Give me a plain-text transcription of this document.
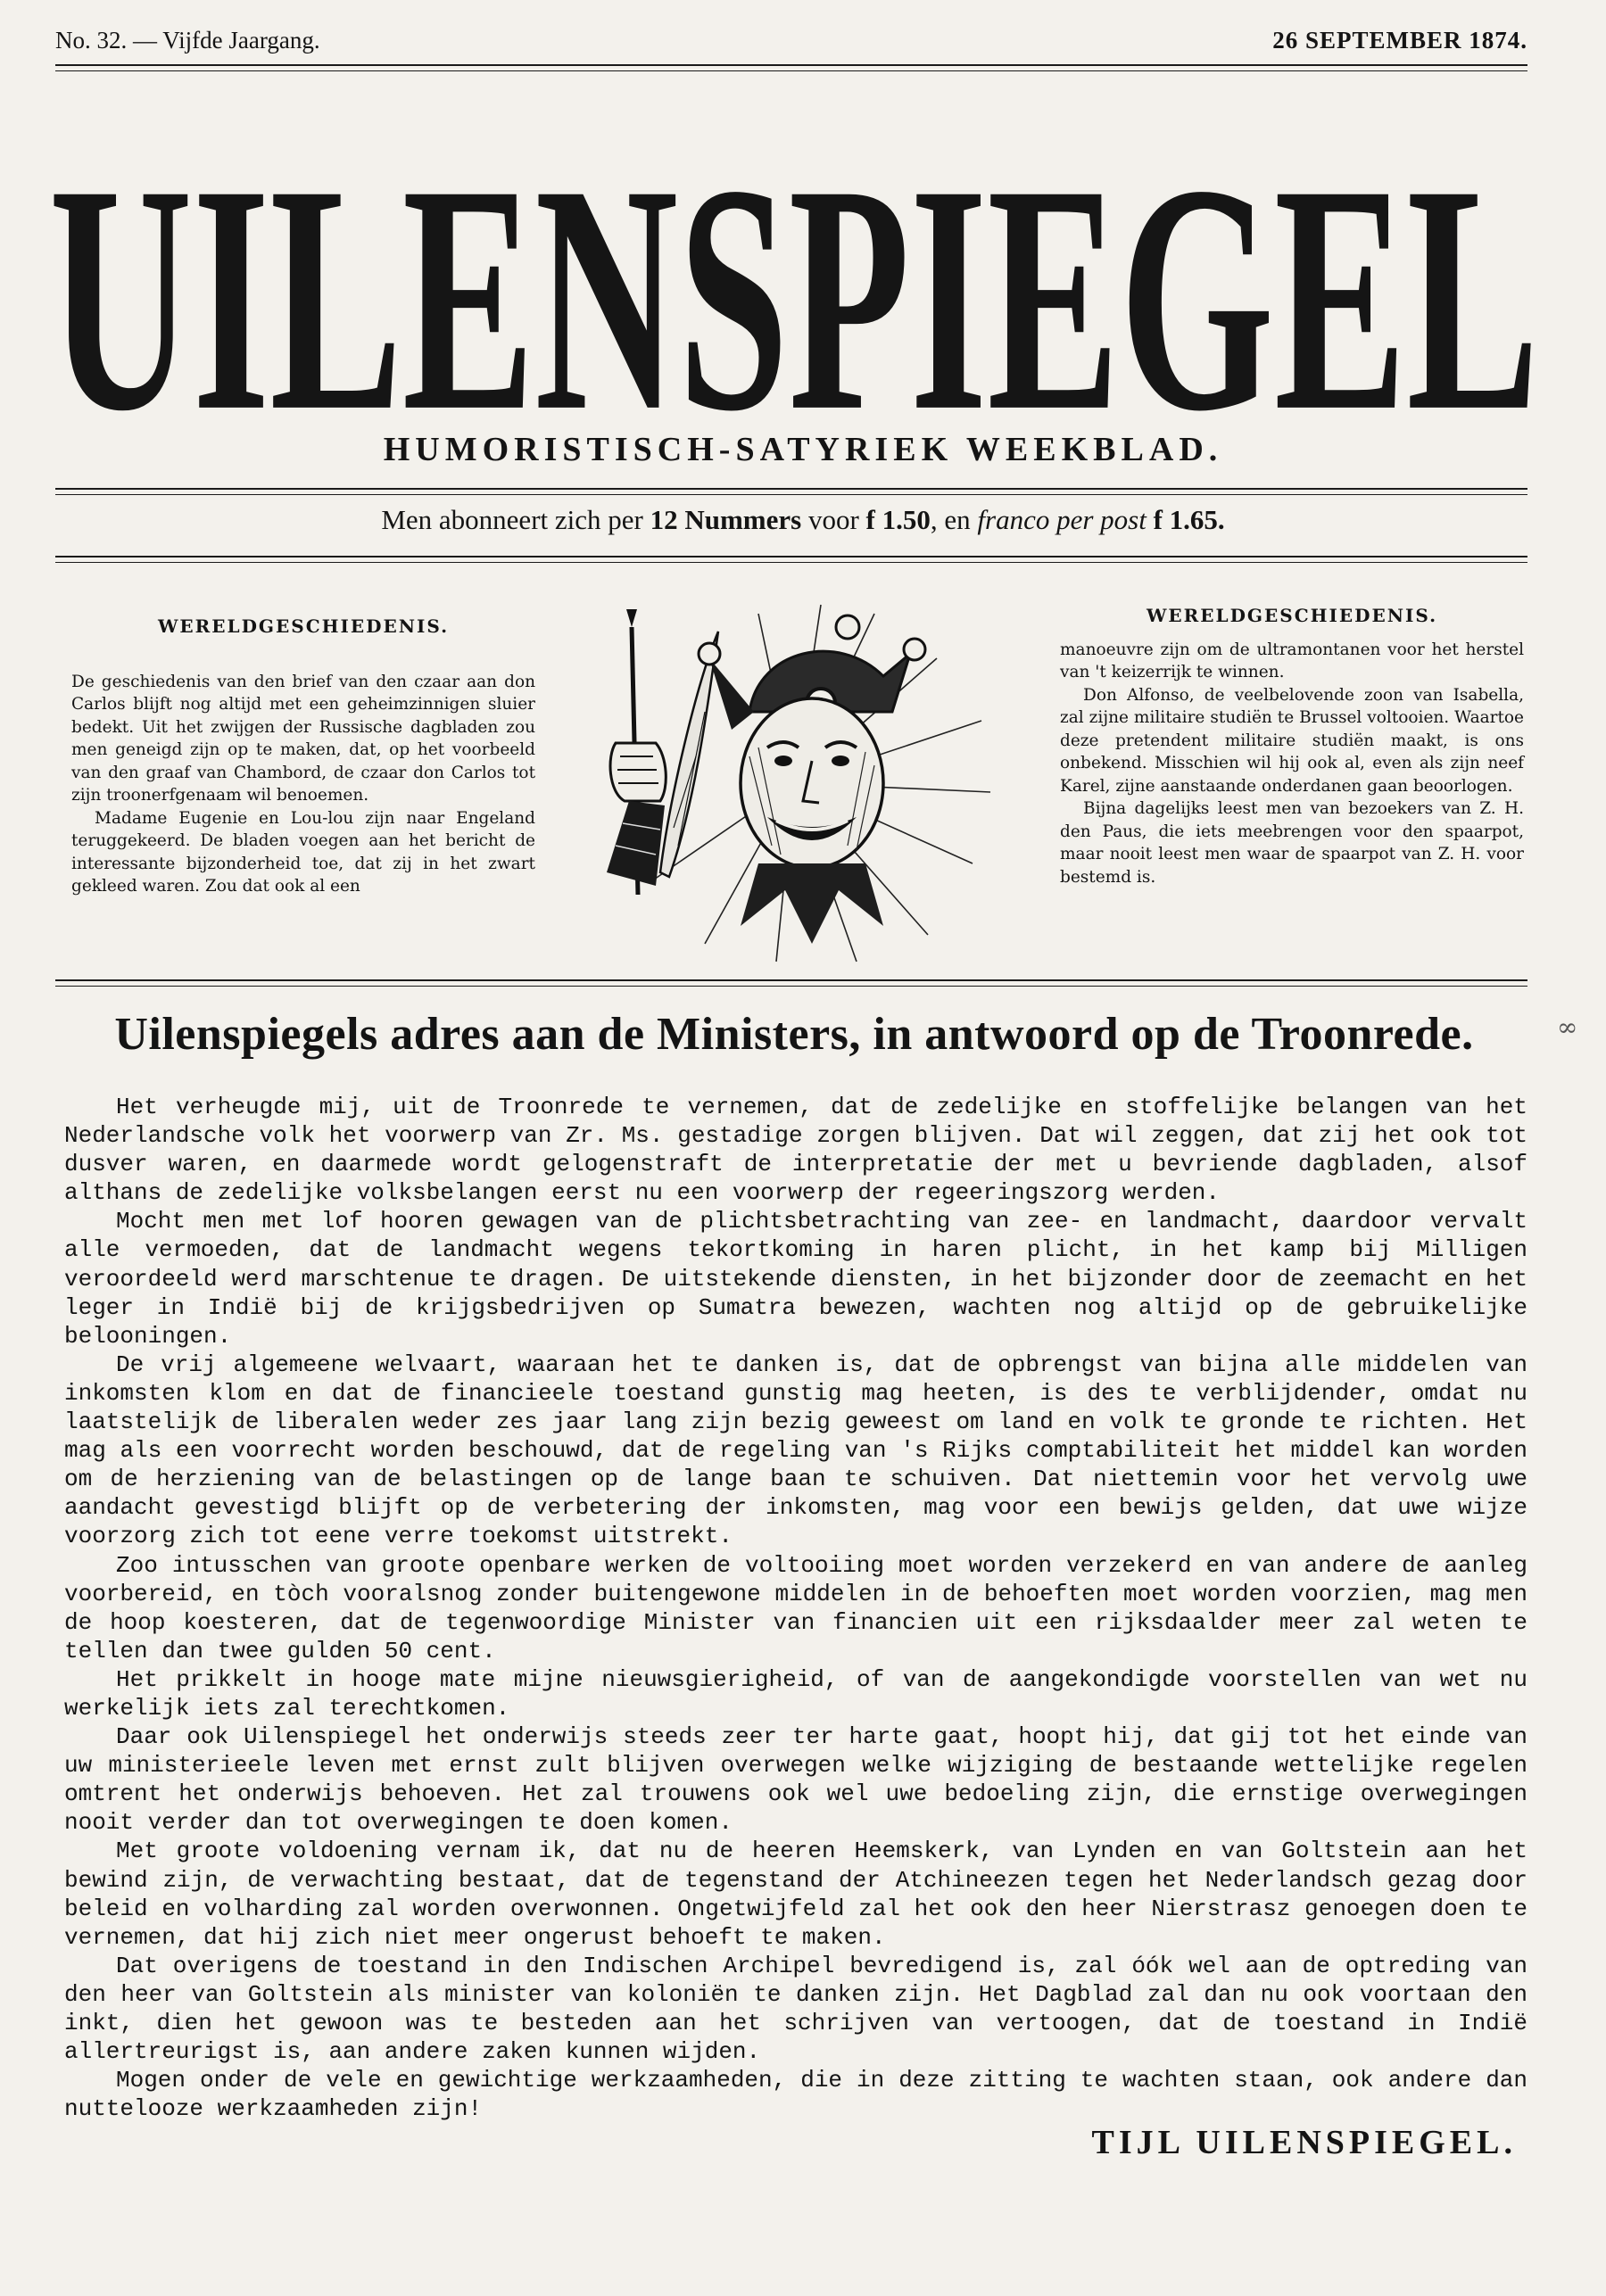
No. 32. — Vijfde Jaargang.	26 SEPTEMBER 1874.
UILENSPIEGEL
HUMORISTISCH-SATYRIEK WEEKBLAD.
Men abonneert zich per 12 Nummers voor f 1.50, en franco per post f 1.65.
WERELDGESCHIEDENIS.

De geschiedenis van den brief van den czaar aan don Carlos blijft nog altijd met een geheimzinnigen sluier bedekt. Uit het zwijgen der Russische dagbladen zou men geneigd zijn op te maken, dat, op het voorbeeld van den graaf van Chambord, de czaar don Carlos tot zijn troonerfgenaam wil benoemen.

Madame Eugenie en Lou-lou zijn naar Engeland teruggekeerd. De bladen voegen aan het bericht de interessante bijzonderheid toe, dat zij in het zwart gekleed waren. Zou dat ook al een

WERELDGESCHIEDENIS.

manoeuvre zijn om de ultramontanen voor het herstel van 't keizerrijk te winnen.

Don Alfonso, de veelbelovende zoon van Isabella, zal zijne militaire studiën te Brussel voltooien. Waartoe deze pretendent militaire studiën maakt, is ons onbekend. Misschien wil hij ook al, even als zijn neef Karel, zijne aanstaande onderdanen gaan beoorlogen.

Bijna dagelijks leest men van bezoekers van Z. H. den Paus, die iets meebrengen voor den spaarpot, maar nooit leest men waar de spaarpot van Z. H. voor bestemd is.

Uilenspiegels adres aan de Ministers, in antwoord op de Troonrede.	∞

Het verheugde mij, uit de Troonrede te vernemen, dat de zedelijke en stoffelijke belangen van het Nederlandsche volk het voorwerp van Zr. Ms. gestadige zorgen blijven. Dat wil zeggen, dat zij het ook tot dusver waren, en daarmede wordt gelogenstraft de interpretatie der met u bevriende dagbladen, alsof althans de zedelijke volksbelangen eerst nu een voorwerp der regeeringszorg werden.

Mocht men met lof hooren gewagen van de plichtsbetrachting van zee- en landmacht, daardoor vervalt alle vermoeden, dat de landmacht wegens tekortkoming in haren plicht, in het kamp bij Milligen veroordeeld werd marschtenue te dragen. De uitstekende diensten, in het bijzonder door de zeemacht en het leger in Indië bij de krijgsbedrijven op Sumatra bewezen, wachten nog altijd op de gebruikelijke belooningen.

De vrij algemeene welvaart, waaraan het te danken is, dat de opbrengst van bijna alle middelen van inkomsten klom en dat de financieele toestand gunstig mag heeten, is des te verblijdender, omdat nu laatstelijk de liberalen weder zes jaar lang zijn bezig geweest om land en volk te gronde te richten. Het mag als een voorrecht worden beschouwd, dat de regeling van 's Rijks comptabiliteit het middel kan worden om de herziening van de belastingen op de lange baan te schuiven. Dat niettemin voor het vervolg uwe aandacht gevestigd blijft op de verbetering der inkomsten, mag voor een bewijs gelden, dat uwe wijze voorzorg zich tot eene verre toekomst uitstrekt.

Zoo intusschen van groote openbare werken de voltooiing moet worden verzekerd en van andere de aanleg voorbereid, en tòch vooralsnog zonder buitengewone middelen in de behoeften moet worden voorzien, mag men de hoop koesteren, dat de tegenwoordige Minister van financien uit een rijksdaalder meer zal weten te tellen dan twee gulden 50 cent.

Het prikkelt in hooge mate mijne nieuwsgierigheid, of van de aangekondigde voorstellen van wet nu werkelijk iets zal terechtkomen.

Daar ook Uilenspiegel het onderwijs steeds zeer ter harte gaat, hoopt hij, dat gij tot het einde van uw ministerieele leven met ernst zult blijven overwegen welke wijziging de bestaande wettelijke regelen omtrent het onderwijs behoeven. Het zal trouwens ook wel uwe bedoeling zijn, die ernstige overwegingen nooit verder dan tot overwegingen te doen komen.

Met groote voldoening vernam ik, dat nu de heeren Heemskerk, van Lynden en van Goltstein aan het bewind zijn, de verwachting bestaat, dat de tegenstand der Atchineezen tegen het Nederlandsch gezag door beleid en volharding zal worden overwonnen. Ongetwijfeld zal het ook den heer Nierstrasz genoegen doen te vernemen, dat hij zich niet meer ongerust behoeft te maken.

Dat overigens de toestand in den Indischen Archipel bevredigend is, zal óók wel aan de optreding van den heer van Goltstein als minister van koloniën te danken zijn. Het Dagblad zal dan nu ook voortaan den inkt, dien het gewoon was te besteden aan het schrijven van vertoogen, dat de toestand in Indië allertreurigst is, aan andere zaken kunnen wijden.

Mogen onder de vele en gewichtige werkzaamheden, die in deze zitting te wachten staan, ook andere dan nuttelooze werkzaamheden zijn!

TIJL UILENSPIEGEL.
